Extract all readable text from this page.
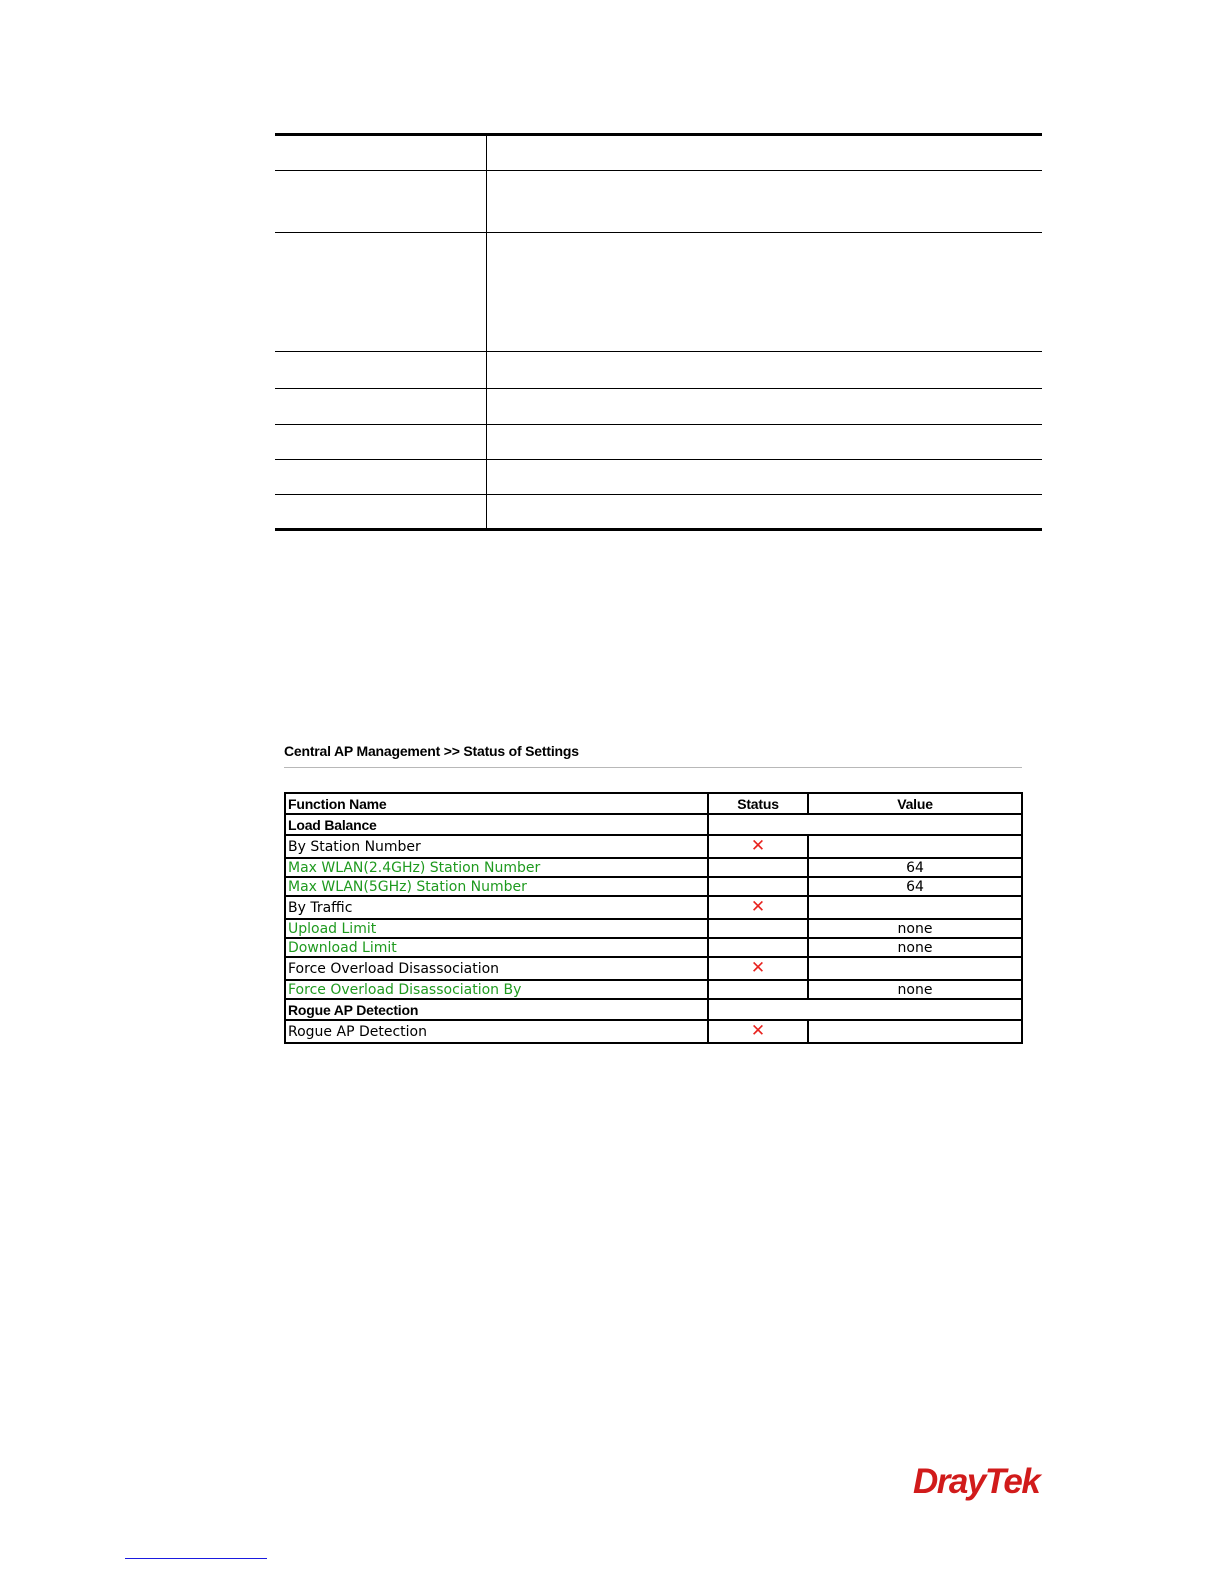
Central AP Management >> Status of Settings
Function Name	Status	Value
Load Balance		
By Station Number	✕	
Max WLAN(2.4GHz) Station Number		64
Max WLAN(5GHz) Station Number		64
By Traffic	✕	
Upload Limit		none
Download Limit		none
Force Overload Disassociation	✕	
Force Overload Disassociation By		none
Rogue AP Detection		
Rogue AP Detection	✕	
DrayTek
